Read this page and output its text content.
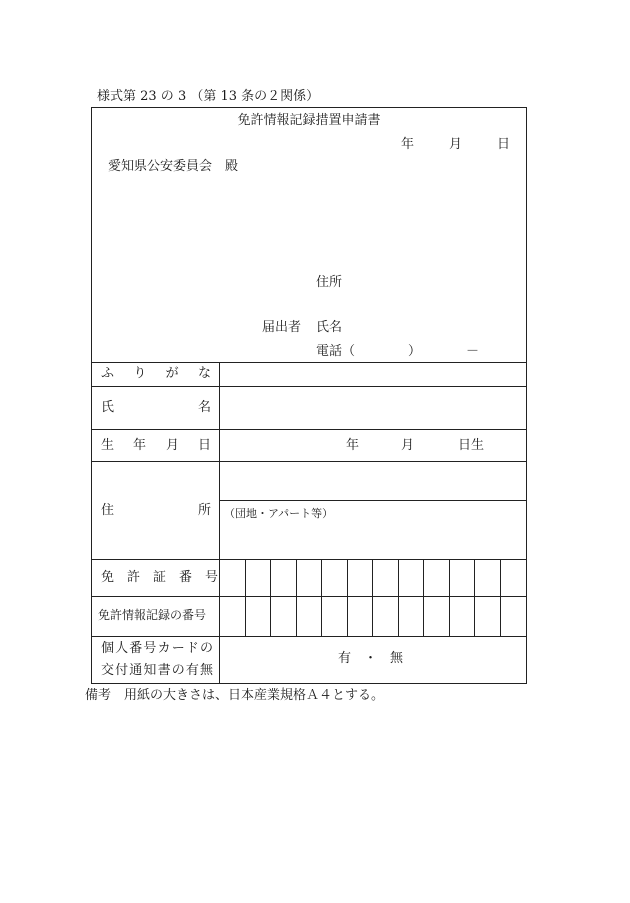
様式第 23 の 3 （第 13 条の２関係）
免許情報記録措置申請書
年	月	日
愛知県公安委員会　殿
住所
届出者 氏名
電話（	）	－
ふ　り　が　な
氏	名
生 年 月 日	年	月	日生
住	所 （団地・アパート等）
免　許　証　番　号
免許情報記録の番号
個人番号カードの
交付通知書の有無
有　・　無
備考　用紙の大きさは、日本産業規格Ａ４とする。
